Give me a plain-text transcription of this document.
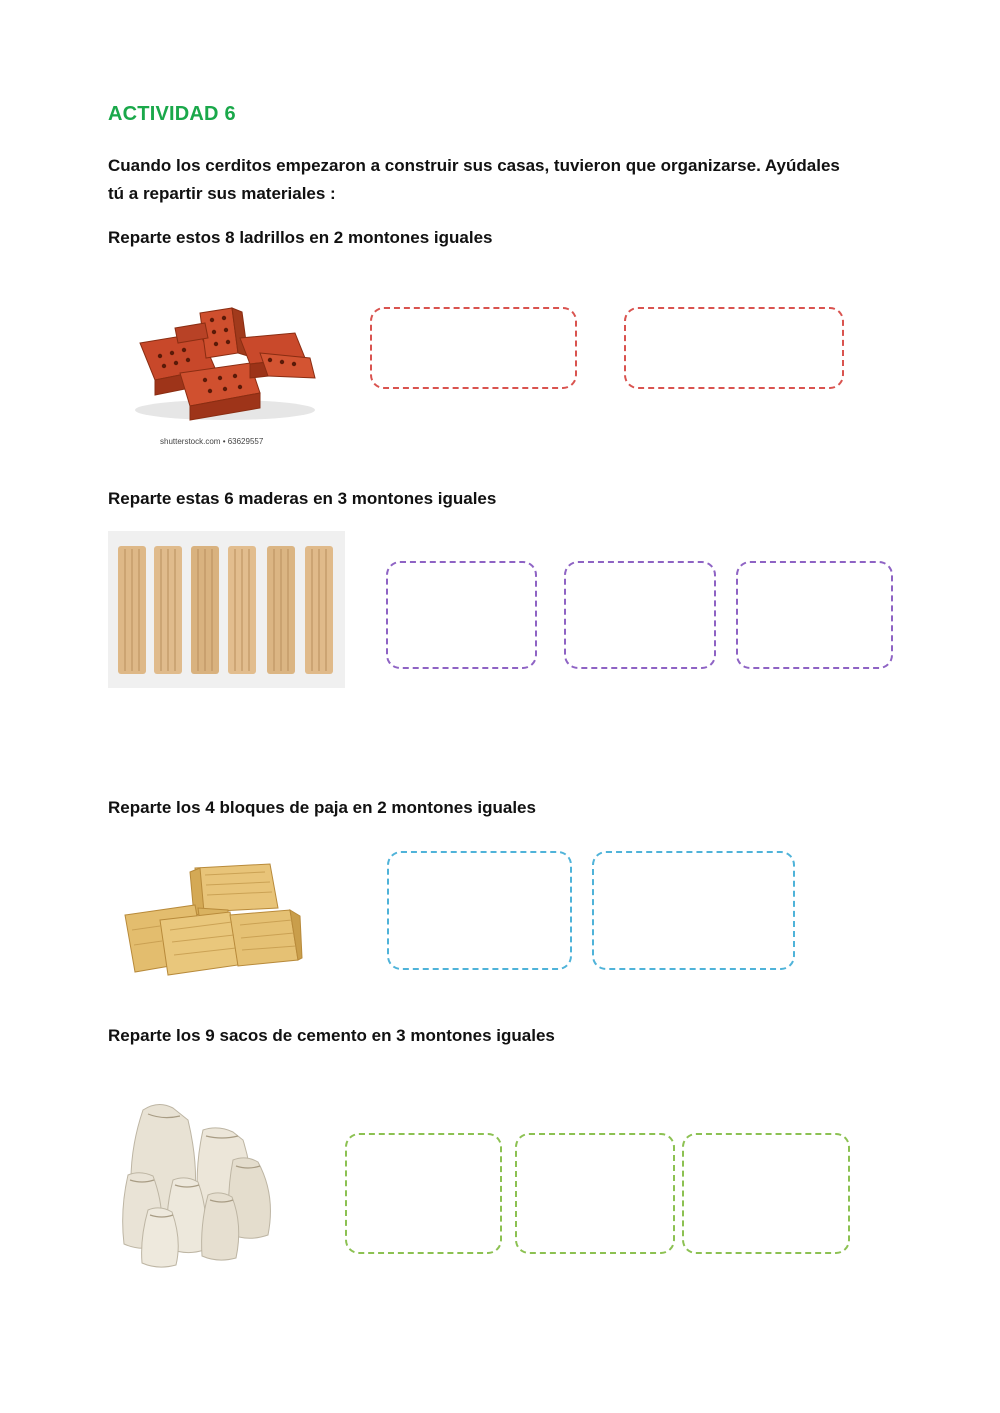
ACTIVIDAD 6
Cuando los cerditos empezaron a construir sus casas, tuvieron que organizarse. Ayúdales
tú a repartir sus materiales :
Reparte estos 8 ladrillos en 2 montones iguales
shutterstock.com • 63629557
Reparte estas 6 maderas en 3 montones iguales
Reparte los 4 bloques de paja en 2 montones iguales
Reparte los 9 sacos de cemento en 3 montones iguales
